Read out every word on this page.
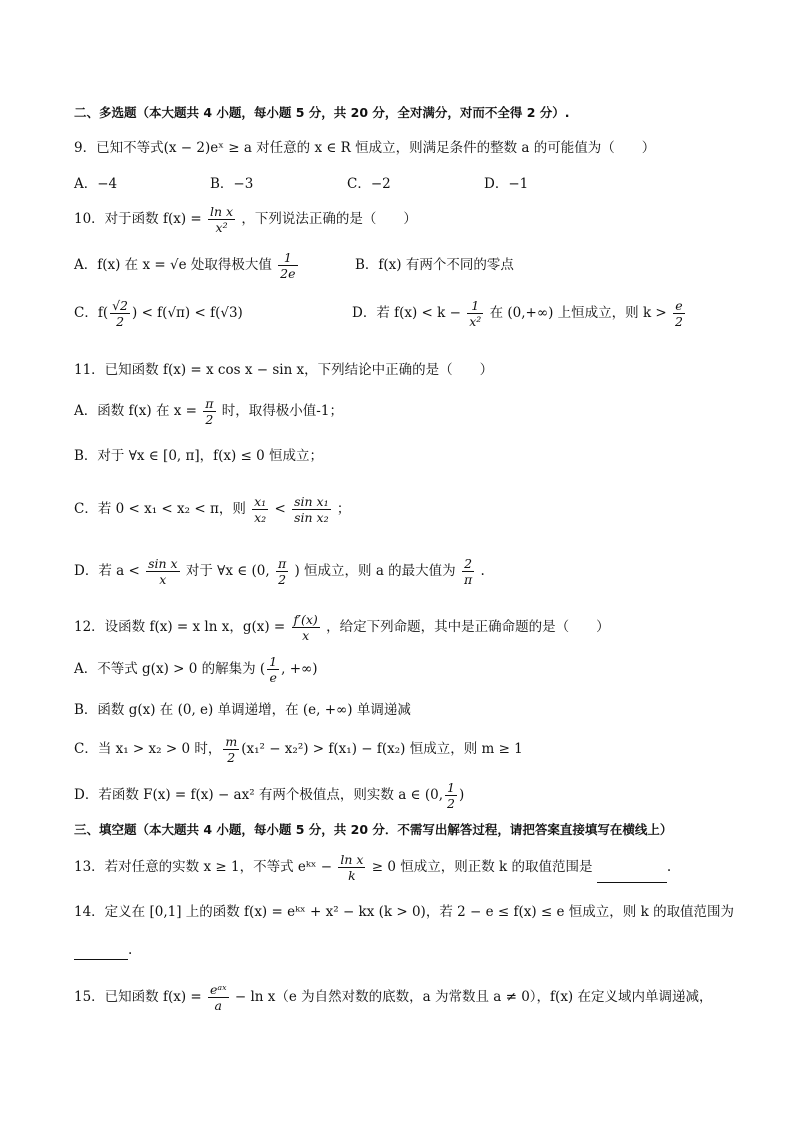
二、多选题（本大题共 4 小题，每小题 5 分，共 20 分，全对满分，对而不全得 2 分）.
9．已知不等式(x − 2)eˣ ≥ a 对任意的 x ∈ R 恒成立，则满足条件的整数 a 的可能值为（　　）
A．−4	B．−3	C．−2	D．−1
10．对于函数 $f(x) = \frac{\text{ln x}}{\text{x²}}$ ，下列说法正确的是（　　）
A．f(x) 在 x = √e 处取得极大值 $\frac{1}{2e}$	B．f(x) 有两个不同的零点
C．$f( \frac{√2}{2}$ ) < f(√π) < f(√3)	D．若 $f(x) < k - \frac{1}{\text{x²}}$ 在 (0,+∞) 上恒成立，则 $k > \frac{e}{2}$
11．已知函数 f(x) = x cos x − sin x，下列结论中正确的是（　　）
A．函数 f(x) 在 $x = \frac{\pi}{2}$ 时，取得极小值-1；
B．对于 ∀x ∈ [0, π]，f(x) ≤ 0 恒成立；
C．若 0 < x₁ < x₂ < π，则 $\frac{\text{x₁}}{\text{x₂}} < \frac{\text{sin x₁}}{\text{sin x₂}}$ ；
D．若 $a < \frac{\text{sin x}}{x}$ 对于 ∀x ∈ (0, $\frac{\pi}{2}$ ) 恒成立，则 a 的最大值为 $\frac{2}{\pi}$ .
12．设函数 f(x) = x ln x，$g(x) = \frac{f'(x)}{x}$ ，给定下列命题，其中是正确命题的是（　　）
A．不等式 g(x) > 0 的解集为 ( $\frac{1}{e}$ , +∞)
B．函数 g(x) 在 (0, e) 单调递增，在 (e, +∞) 单调递减
C．当 x₁ > x₂ > 0 时， $\frac{m}{2} (x_1^2 - x_2^2) > f(x_1) - f(x_2)$ 恒成立，则 m ≥ 1
D．若函数 F(x) = f(x) − ax² 有两个极值点，则实数 a ∈ (0, $\frac{1}{2}$ )
三、填空题（本大题共 4 小题，每小题 5 分，共 20 分．不需写出解答过程，请把答案直接填写在横线上）
13．若对任意的实数 x ≥ 1，不等式 eᵏˣ − $\frac{\text{ln x}}{k} \ge 0$ 恒成立，则正数 k 的取值范围是	.
14．定义在 [0,1] 上的函数 f(x) = eᵏˣ + x² − kx (k > 0)，若 2 − e ≤ f(x) ≤ e 恒成立，则 k 的取值范围为
.
15．已知函数 $f(x) = \frac{\text{eᵃˣ}}{a} - \ln x(e$ 为自然对数的底数，a 为常数且 a ≠ 0），f(x) 在定义域内单调递减，
